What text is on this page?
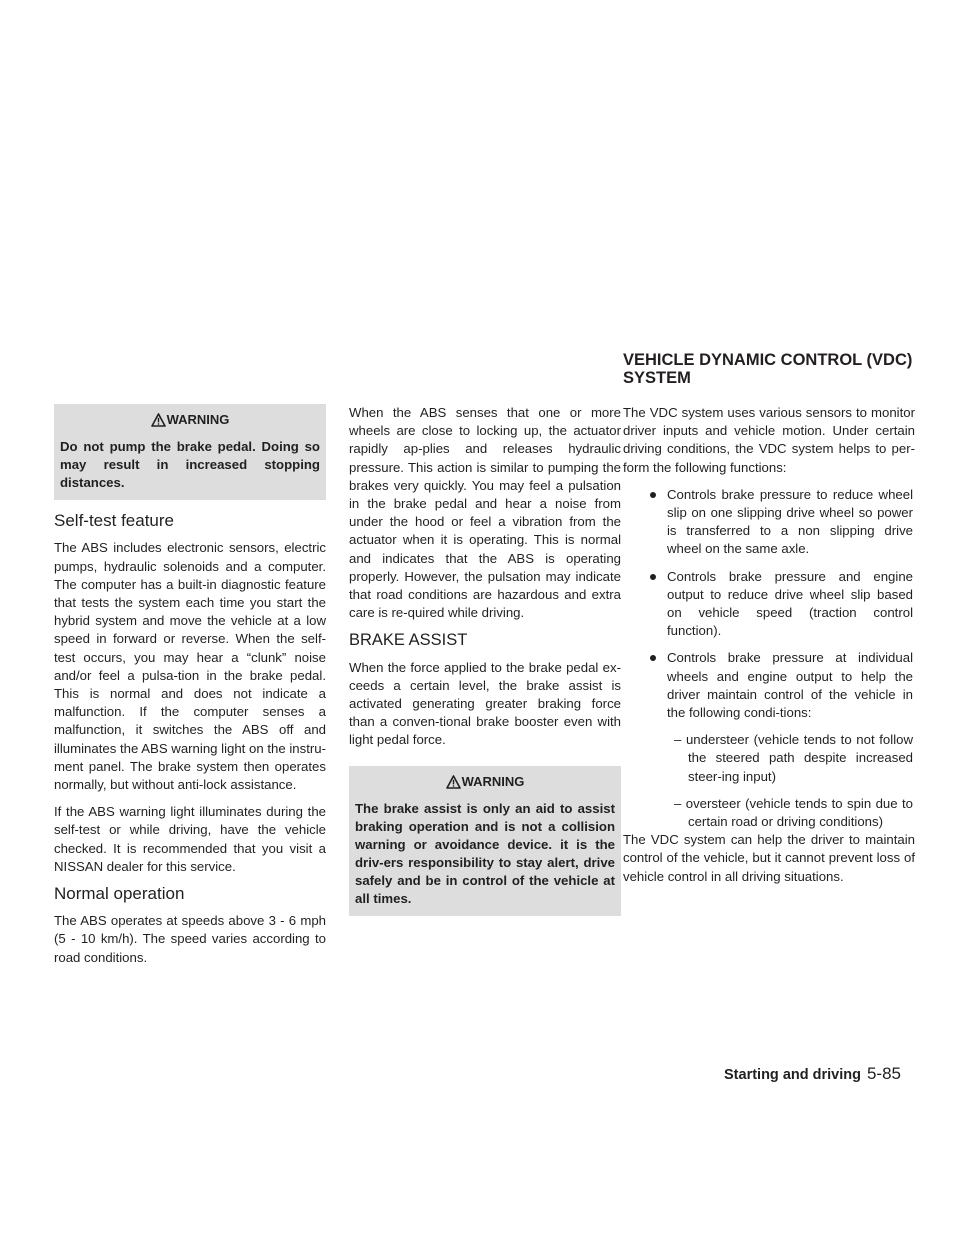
VEHICLE DYNAMIC CONTROL (VDC) SYSTEM
WARNING
Do not pump the brake pedal. Doing so may result in increased stopping distances.
Self-test feature

The ABS includes electronic sensors, electric pumps, hydraulic solenoids and a computer. The computer has a built-in diagnostic feature that tests the system each time you start the hybrid system and move the vehicle at a low speed in forward or reverse. When the self-test occurs, you may hear a “clunk” noise and/or feel a pulsa-tion in the brake pedal. This is normal and does not indicate a malfunction. If the computer senses a malfunction, it switches the ABS off and illuminates the ABS warning light on the instru-ment panel. The brake system then operates normally, but without anti-lock assistance.

If the ABS warning light illuminates during the self-test or while driving, have the vehicle checked. It is recommended that you visit a NISSAN dealer for this service.

Normal operation

The ABS operates at speeds above 3 - 6 mph (5 - 10 km/h). The speed varies according to road conditions.

When the ABS senses that one or more wheels are close to locking up, the actuator rapidly ap-plies and releases hydraulic pressure. This action is similar to pumping the brakes very quickly. You may feel a pulsation in the brake pedal and hear a noise from under the hood or feel a vibration from the actuator when it is operating. This is normal and indicates that the ABS is operating properly. However, the pulsation may indicate that road conditions are hazardous and extra care is re-quired while driving.

BRAKE ASSIST

When the force applied to the brake pedal ex-ceeds a certain level, the brake assist is activated generating greater braking force than a conven-tional brake booster even with light pedal force.

WARNING
The brake assist is only an aid to assist braking operation and is not a collision warning or avoidance device. it is the driv-ers responsibility to stay alert, drive safely and be in control of the vehicle at all times.

The VDC system uses various sensors to monitor driver inputs and vehicle motion. Under certain driving conditions, the VDC system helps to per-form the following functions:

Controls brake pressure to reduce wheel slip on one slipping drive wheel so power is transferred to a non slipping drive wheel on the same axle.
Controls brake pressure and engine output to reduce drive wheel slip based on vehicle speed (traction control function).
Controls brake pressure at individual wheels and engine output to help the driver maintain control of the vehicle in the following condi-tions:
– understeer (vehicle tends to not follow the steered path despite increased steer-ing input)
– oversteer (vehicle tends to spin due to certain road or driving conditions)

The VDC system can help the driver to maintain control of the vehicle, but it cannot prevent loss of vehicle control in all driving situations.

Starting and driving 5-85
